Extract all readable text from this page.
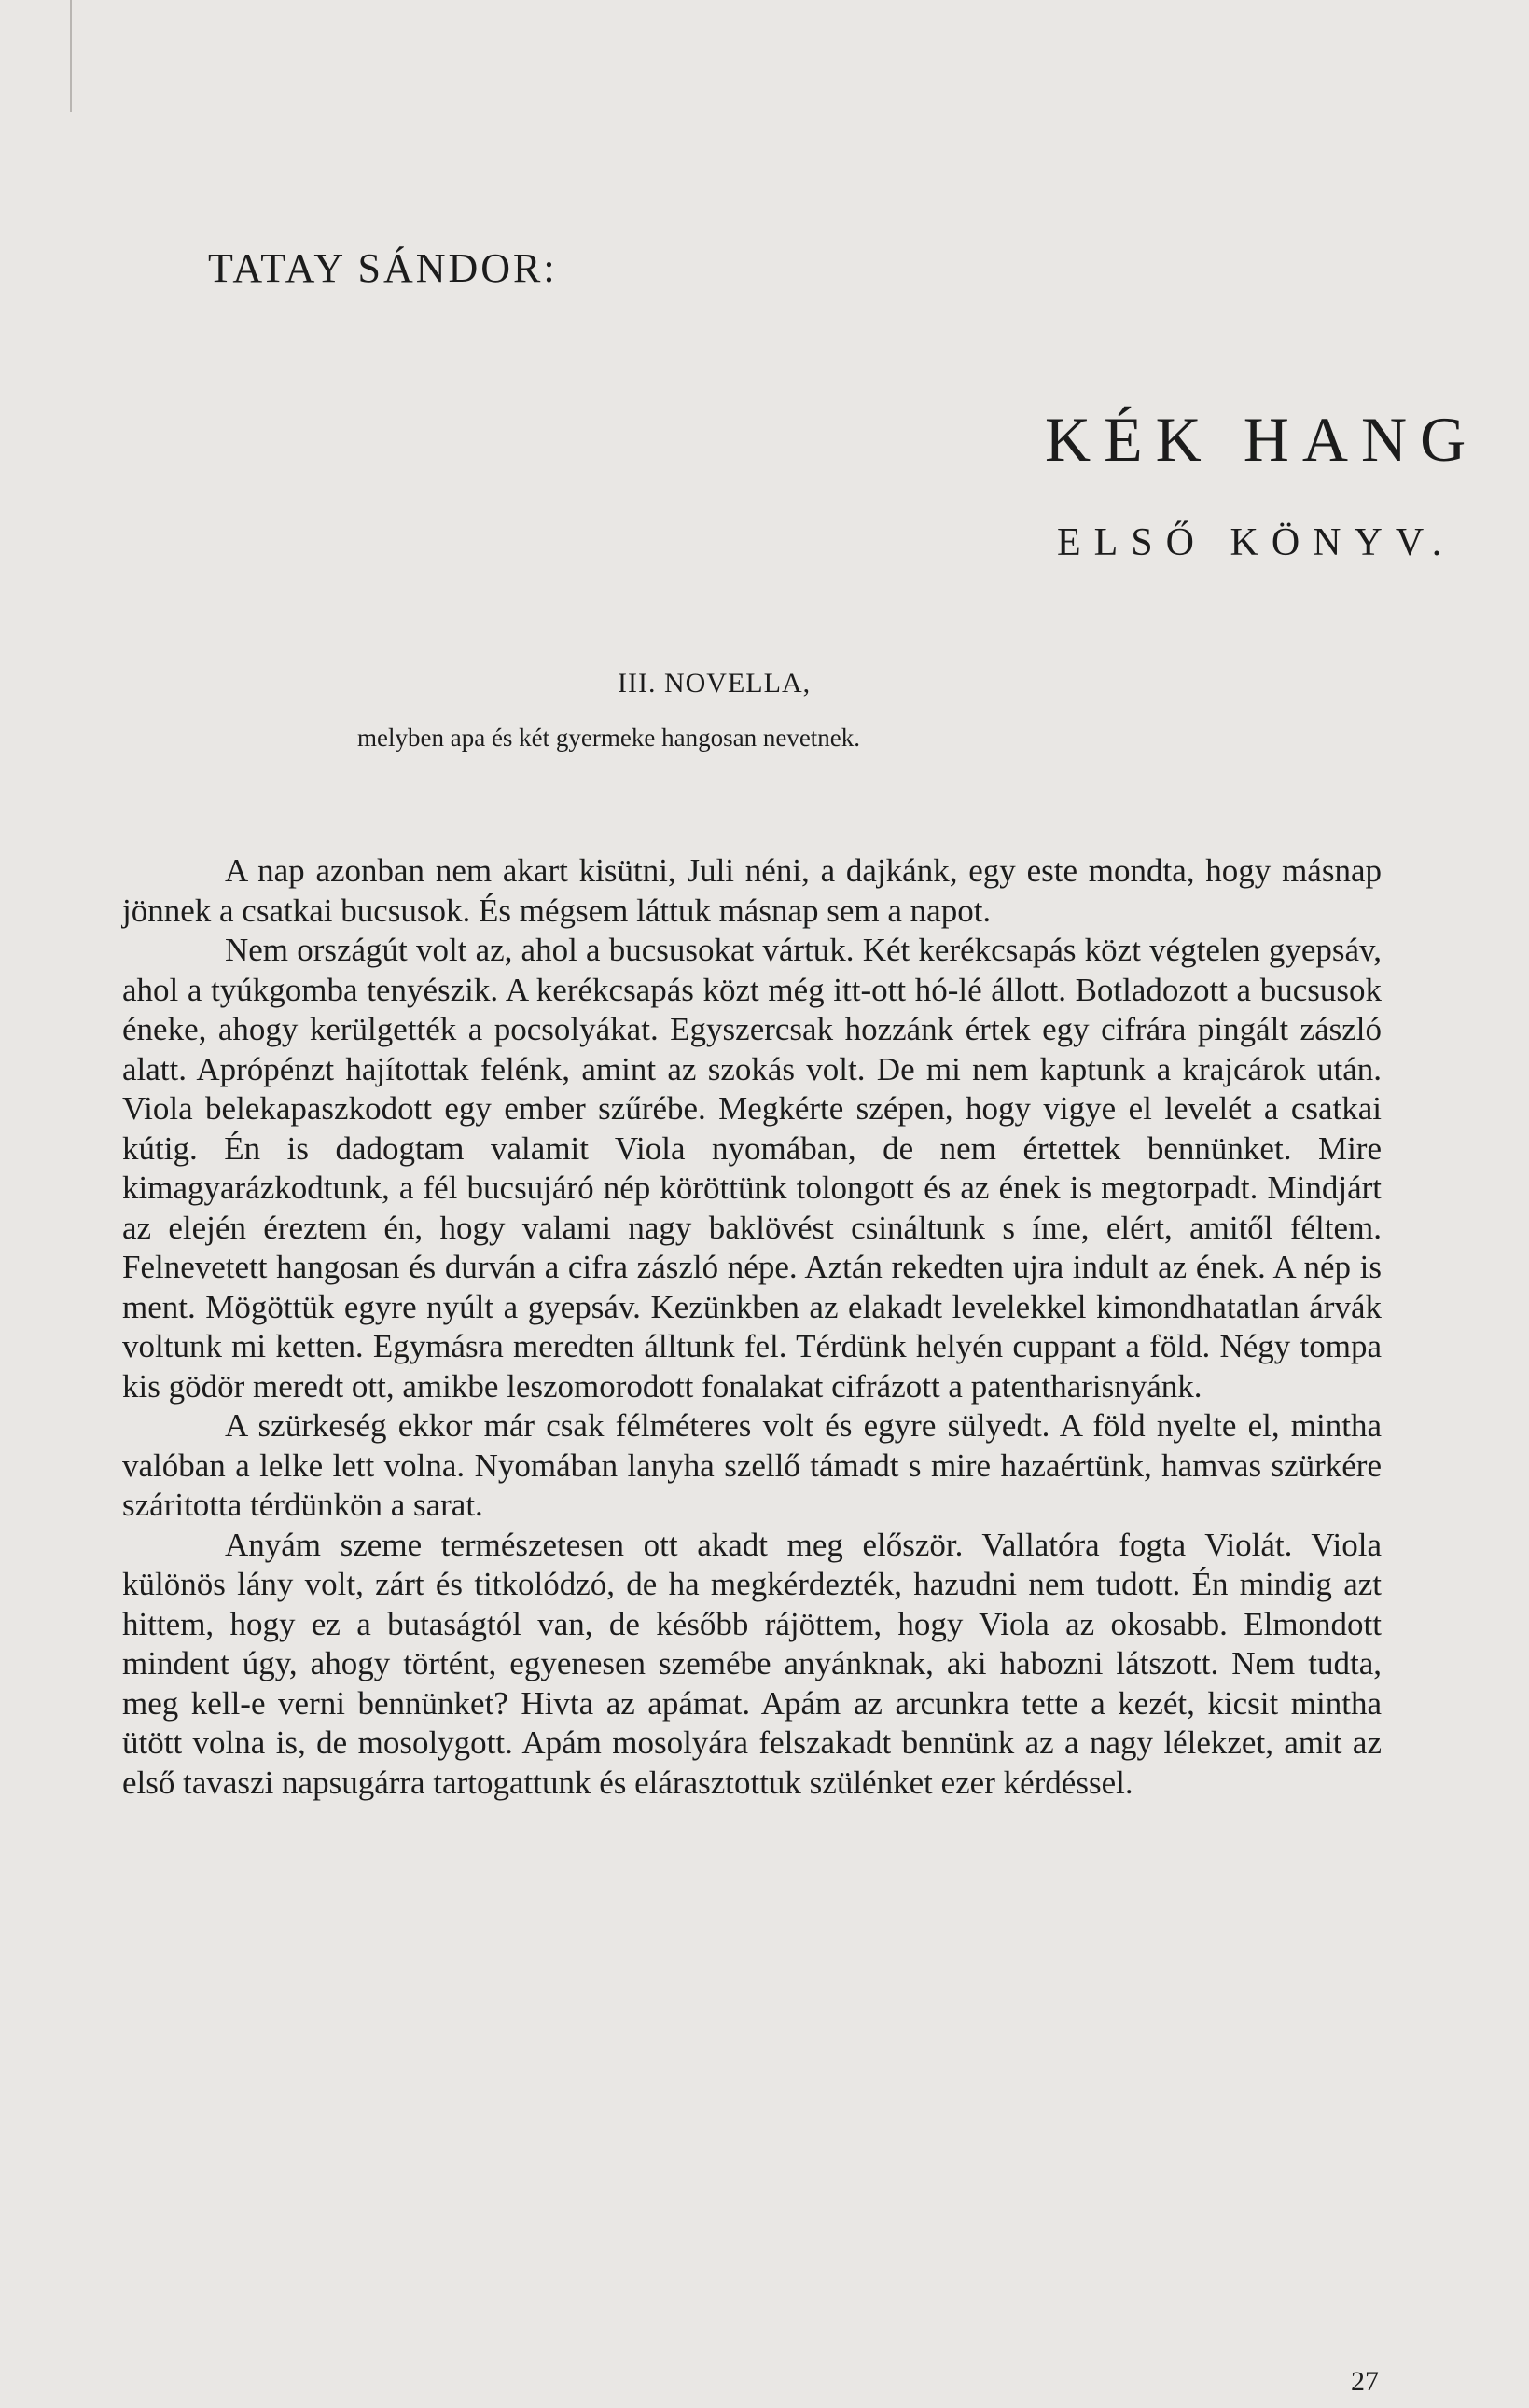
TATAY SÁNDOR:
KÉK HANG
ELSŐ KÖNYV.
III. NOVELLA,
melyben apa és két gyermeke hangosan nevetnek.

A nap azonban nem akart kisütni, Juli néni, a dajkánk, egy este mondta, hogy másnap jönnek a csatkai bucsusok. És mégsem láttuk másnap sem a napot.

Nem országút volt az, ahol a bucsusokat vártuk. Két kerékcsapás közt végtelen gyepsáv, ahol a tyúkgomba tenyészik. A kerékcsapás közt még itt-ott hó-lé állott. Botladozott a bucsusok éneke, ahogy kerülgették a pocsolyákat. Egyszercsak hozzánk értek egy cifrára pingált zászló alatt. Aprópénzt hajítottak felénk, amint az szokás volt. De mi nem kaptunk a krajcárok után. Viola belekapaszkodott egy ember szűrébe. Megkérte szépen, hogy vigye el levelét a csatkai kútig. Én is dadogtam valamit Viola nyomában, de nem értettek bennünket. Mire kimagyarázkodtunk, a fél bucsujáró nép köröttünk tolongott és az ének is megtorpadt. Mindjárt az elején éreztem én, hogy valami nagy baklövést csináltunk s íme, elért, amitől féltem. Felnevetett hangosan és durván a cifra zászló népe. Aztán rekedten ujra indult az ének. A nép is ment. Mögöttük egyre nyúlt a gyepsáv. Kezünkben az elakadt levelekkel kimondhatatlan árvák voltunk mi ketten. Egymásra meredten álltunk fel. Térdünk helyén cuppant a föld. Négy tompa kis gödör meredt ott, amikbe leszomorodott fonalakat cifrázott a patentharisnyánk.

A szürkeség ekkor már csak félméteres volt és egyre sülyedt. A föld nyelte el, mintha valóban a lelke lett volna. Nyomában lanyha szellő támadt s mire hazaértünk, hamvas szürkére száritotta térdünkön a sarat.

Anyám szeme természetesen ott akadt meg először. Vallatóra fogta Violát. Viola különös lány volt, zárt és titkolódzó, de ha megkérdezték, hazudni nem tudott. Én mindig azt hittem, hogy ez a butaságtól van, de később rájöttem, hogy Viola az okosabb. Elmondott mindent úgy, ahogy történt, egyenesen szemébe anyánknak, aki habozni látszott. Nem tudta, meg kell-e verni bennünket? Hivta az apámat. Apám az arcunkra tette a kezét, kicsit mintha ütött volna is, de mosolygott. Apám mosolyára felszakadt bennünk az a nagy lélekzet, amit az első tavaszi napsugárra tartogattunk és elárasztottuk szülénket ezer kérdéssel.

27
